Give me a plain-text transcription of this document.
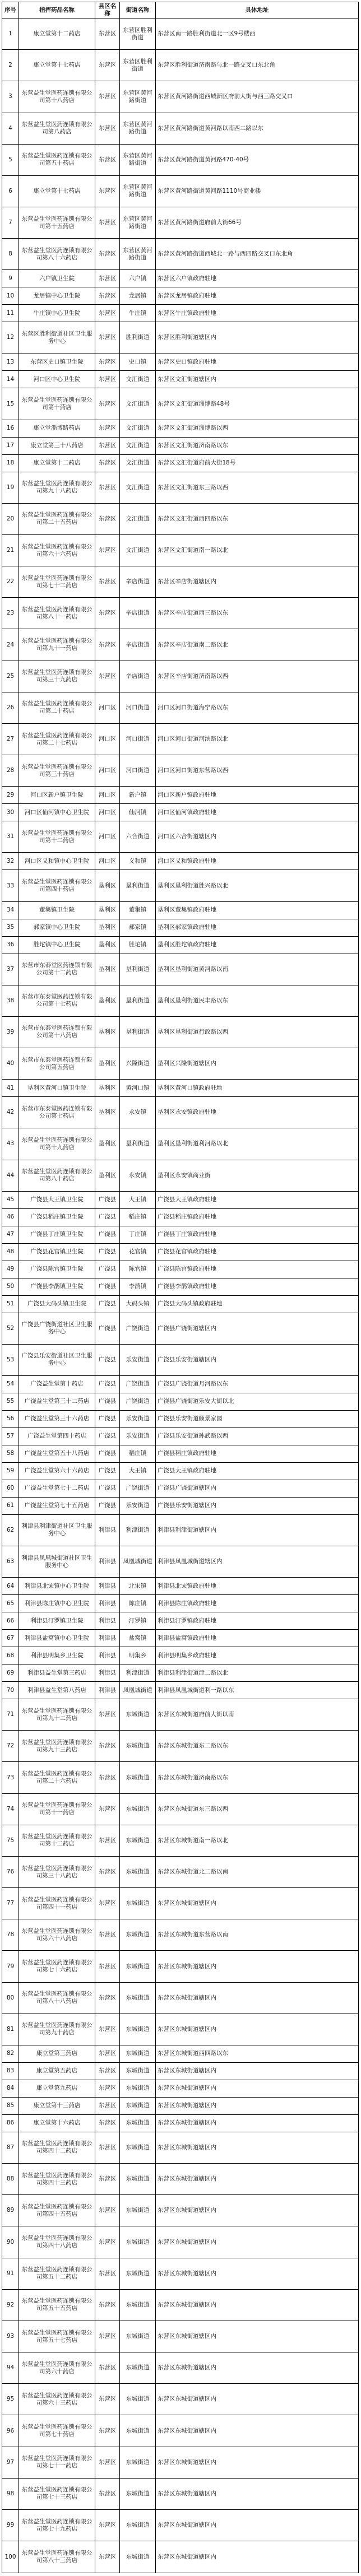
序号	指挥药品名称	县区名称	街道名称	具体地址
1	康立堂第十二药店	东营区	东营区胜利街道	东营区南一路胜利街道北一区9号楼西
2	康立堂第十七药店	东营区	东营区胜利街道	东营区胜利街道济南路与北一路交叉口东北角
3	东营益生堂医药连锁有限公司第十八药店	东营区	东营区黄河路街道	东营区黄河路街道西城新区府前大街与西三路交叉口
4	东营益生堂医药连锁有限公司第八药店	东营区	东营区黄河路街道	东营区黄河路街道黄河路以南西二路以东
5	东营益生堂医药连锁有限公司第五十药店	东营区	东营区黄河路街道	东营区黄河路街道黄河路470-40号
6	康立堂第十七药店	东营区	东营区黄河路街道	东营区黄河路街道黄河路1110号商业楼
7	东营益生堂医药连锁有限公司第十五药店	东营区	东营区黄河路街道	东营区黄河路街道府前大街66号
8	东营益生堂医药连锁有限公司第八十六药店	东营区	东营区黄河路街道	东营区黄河路街道西城北一路与西四路交叉口东北角
9	六户镇卫生院	东营区	六户镇	东营区六户镇政府驻地
10	龙居镇中心卫生院	东营区	龙居镇	东营区龙居镇政府驻地
11	牛庄镇中心卫生院	东营区	牛庄镇	东营区牛庄镇政府驻地
12	东营区胜利街道社区卫生服务中心	东营区	胜利街道	东营区胜利街道辖区内
13	东营区史口镇卫生院	东营区	史口镇	东营区史口镇政府驻地
14	河口区中心卫生院	东营区	文汇街道	东营区文汇街道辖区内
15	东营益生堂医药连锁有限公司第十药店	东营区	文汇街道	东营区文汇街道淄博路48号
16	康立堂淄博路药店	东营区	文汇街道	东营区文汇街道淄博路以西
17	康立堂第三十八药店	东营区	文汇街道	东营区文汇街道济南路以东
18	康立堂第十二药店	东营区	文汇街道	东营区文汇街道府前大街18号
19	东营益生堂医药连锁有限公司第九十八药店	东营区	文汇街道	东营区文汇街道东三路以西
20	东营益生堂医药连锁有限公司第二十五药店	东营区	文汇街道	东营区文汇街道西四路以东
21	东营益生堂医药连锁有限公司第六十六药店	东营区	文汇街道	东营区文汇街道南一路以北
22	东营益生堂医药连锁有限公司第七十二药店	东营区	辛店街道	东营区辛店街道辖区内
23	东营益生堂医药连锁有限公司第八十一药店	东营区	辛店街道	东营区辛店街道西三路以东
24	东营益生堂医药连锁有限公司第九十一药店	东营区	辛店街道	东营区辛店街道南二路以北
25	东营益生堂医药连锁有限公司第三十九药店	东营区	辛店街道	东营区辛店街道济南路以西
26	东营益生堂医药连锁有限公司第二十药店	河口区	河口街道	河口区河口街道海宁路以东
27	东营益生堂医药连锁有限公司第二十七药店	河口区	河口街道	河口区河口街道河滨路以北
28	东营益生堂医药连锁有限公司第三十药店	河口区	河口街道	河口区河口街道东营路以西
29	河口区新户镇卫生院	河口区	新户镇	河口区新户镇政府驻地
30	河口区仙河镇中心卫生院	河口区	仙河镇	河口区仙河镇政府驻地
31	东营益生堂医药连锁有限公司第十二药店	河口区	六合街道	河口区六合街道辖区内
32	河口区义和镇中心卫生院	河口区	义和镇	河口区义和镇政府驻地
33	东营益生堂医药连锁有限公司第四十药店	垦利区	垦利街道	垦利区垦利街道胜兴路以北
34	董集镇卫生院	垦利区	董集镇	垦利区董集镇政府驻地
35	郝家镇中心卫生院	垦利区	郝家镇	垦利区郝家镇政府驻地
36	胜坨镇中心卫生院	垦利区	胜坨镇	垦利区胜坨镇政府驻地
37	东营市东泰堂医药连锁有限公司第十二药店	垦利区	垦利街道	垦利区垦利街道黄河路以南
38	东营市东泰堂医药连锁有限公司第十七药店	垦利区	垦利街道	垦利区垦利街道民丰路以东
39	东营市东泰堂医药连锁有限公司第十八药店	垦利区	垦利街道	垦利区垦利街道行政路以西
40	东营市东泰堂医药连锁有限公司第五药店	垦利区	兴隆街道	垦利区兴隆街道辖区内
41	垦利区黄河口镇卫生院	垦利区	黄河口镇	垦利区黄河口镇政府驻地
42	东营市东泰堂医药连锁有限公司第七药店	垦利区	永安镇	垦利区永安镇政府驻地
43	东营益生堂医药连锁有限公司第十九药店	垦利区	垦利街道	垦利区垦利街道利河路以北
44	东营益生堂医药连锁有限公司第八十药店	垦利区	永安镇	垦利区永安镇商业街
45	广饶县大王镇卫生院	广饶县	大王镇	广饶县大王镇政府驻地
46	广饶县稻庄镇卫生院	广饶县	稻庄镇	广饶县稻庄镇政府驻地
47	广饶县丁庄镇卫生院	广饶县	丁庄镇	广饶县丁庄镇政府驻地
48	广饶县花官镇卫生院	广饶县	花官镇	广饶县花官镇政府驻地
49	广饶县陈官镇卫生院	广饶县	陈官镇	广饶县陈官镇政府驻地
50	广饶县李鹊镇卫生院	广饶县	李鹊镇	广饶县李鹊镇政府驻地
51	广饶县大码头镇卫生院	广饶县	大码头镇	广饶县大码头镇政府驻地
52	广饶县广饶街道社区卫生服务中心	广饶县	广饶街道	广饶县广饶街道辖区内
53	广饶县乐安街道社区卫生服务中心	广饶县	乐安街道	广饶县乐安街道辖区内
54	广饶益生堂第十药店	广饶县	广饶街道	广饶县广饶街道月河路以东
55	广饶益生堂第三十二药店	广饶县	广饶街道	广饶县广饶街道乐安大街以北
56	广饶益生堂第三十六药店	广饶县	乐安街道	广饶县乐安街道颐景家园
57	广饶益生堂第四十药店	广饶县	乐安街道	广饶县乐安街道孙武路以西
58	广饶益生堂第五十八药店	广饶县	稻庄镇	广饶县稻庄镇政府驻地
59	广饶益生堂第六十六药店	广饶县	大王镇	广饶县大王镇政府驻地
60	广饶益生堂第七十二药店	广饶县	广饶街道	广饶县广饶街道辖区内
61	广饶益生堂第七十五药店	广饶县	乐安街道	广饶县乐安街道辖区内
62	利津县利津街道社区卫生服务中心	利津县	利津街道	利津县利津街道辖区内
63	利津县凤凰城街道社区卫生服务中心	利津县	凤凰城街道	利津县凤凰城街道辖区内
64	利津县北宋镇中心卫生院	利津县	北宋镇	利津县北宋镇政府驻地
65	利津县陈庄镇中心卫生院	利津县	陈庄镇	利津县陈庄镇政府驻地
66	利津县汀罗镇卫生院	利津县	汀罗镇	利津县汀罗镇政府驻地
67	利津县盐窝镇中心卫生院	利津县	盐窝镇	利津县盐窝镇政府驻地
68	利津县明集乡卫生院	利津县	明集乡	利津县明集乡政府驻地
69	利津县益生堂第三药店	利津县	利津街道	利津县利津街道津二路以北
70	利津县益生堂第八药店	利津县	凤凰城街道	利津县凤凰城街道利一路以东
71	东营益生堂医药连锁有限公司第九十二药店	东营区	东城街道	东营区东城街道府前大街以南
72	东营益生堂医药连锁有限公司第九十三药店	东营区	东城街道	东营区东城街道东二路以东
73	东营益生堂医药连锁有限公司第二十六药店	东营区	东城街道	东营区东城街道济南路以东
74	东营益生堂医药连锁有限公司第十一药店	东营区	东城街道	东营区东城街道东三路以西
75	东营益生堂医药连锁有限公司第十二药店	东营区	东城街道	东营区东城街道南一路以北
76	东营益生堂医药连锁有限公司第三十八药店	东营区	东城街道	东营区东城街道北二路以南
77	东营益生堂医药连锁有限公司第四十一药店	东营区	东城街道	东营区东城街道辖区内
78	东营益生堂医药连锁有限公司第六十八药店	东营区	东城街道	东营区东城街道东营路以南
79	东营益生堂医药连锁有限公司第七十六药店	东营区	东城街道	东营区东城街道辖区内
80	东营益生堂医药连锁有限公司第八十八药店	东营区	东城街道	东营区东城街道辖区内
81	东营益生堂医药连锁有限公司第九十药店	东营区	东城街道	东营区东城街道辖区内
82	康立堂第三药店	东营区	东城街道	东营区东城街道西四路以东
83	康立堂第五药店	东营区	东城街道	东营区东城街道辖区内
84	康立堂第九药店	东营区	东城街道	东营区东城街道辖区内
85	康立堂第十三药店	东营区	东城街道	东营区东城街道辖区内
86	康立堂第十六药店	东营区	东城街道	东营区东城街道辖区内
87	东营益生堂医药连锁有限公司第四十二药店	东营区	东城街道	东营区东城街道辖区内
88	东营益生堂医药连锁有限公司第四十三药店	东营区	东城街道	东营区东城街道辖区内
89	东营益生堂医药连锁有限公司第四十五药店	东营区	东城街道	东营区东城街道辖区内
90	东营益生堂医药连锁有限公司第四十八药店	东营区	东城街道	东营区东城街道辖区内
91	东营益生堂医药连锁有限公司第五十二药店	东营区	东城街道	东营区东城街道辖区内
92	东营益生堂医药连锁有限公司第五十五药店	东营区	东城街道	东营区东城街道辖区内
93	东营益生堂医药连锁有限公司第五十七药店	东营区	东城街道	东营区东城街道辖区内
94	东营益生堂医药连锁有限公司第六十药店	东营区	东城街道	东营区东城街道辖区内
95	东营益生堂医药连锁有限公司第六十三药店	东营区	东城街道	东营区东城街道辖区内
96	东营益生堂医药连锁有限公司第七十药店	东营区	东城街道	东营区东城街道辖区内
97	东营益生堂医药连锁有限公司第七十一药店	东营区	东城街道	东营区东城街道辖区内
98	东营益生堂医药连锁有限公司第七十三药店	东营区	东城街道	东营区东城街道辖区内
99	东营益生堂医药连锁有限公司第七十九药店	东营区	东城街道	东营区东城街道辖区内
100	东营益生堂医药连锁有限公司第八十三药店	东营区	东城街道	东营区东城街道辖区内
